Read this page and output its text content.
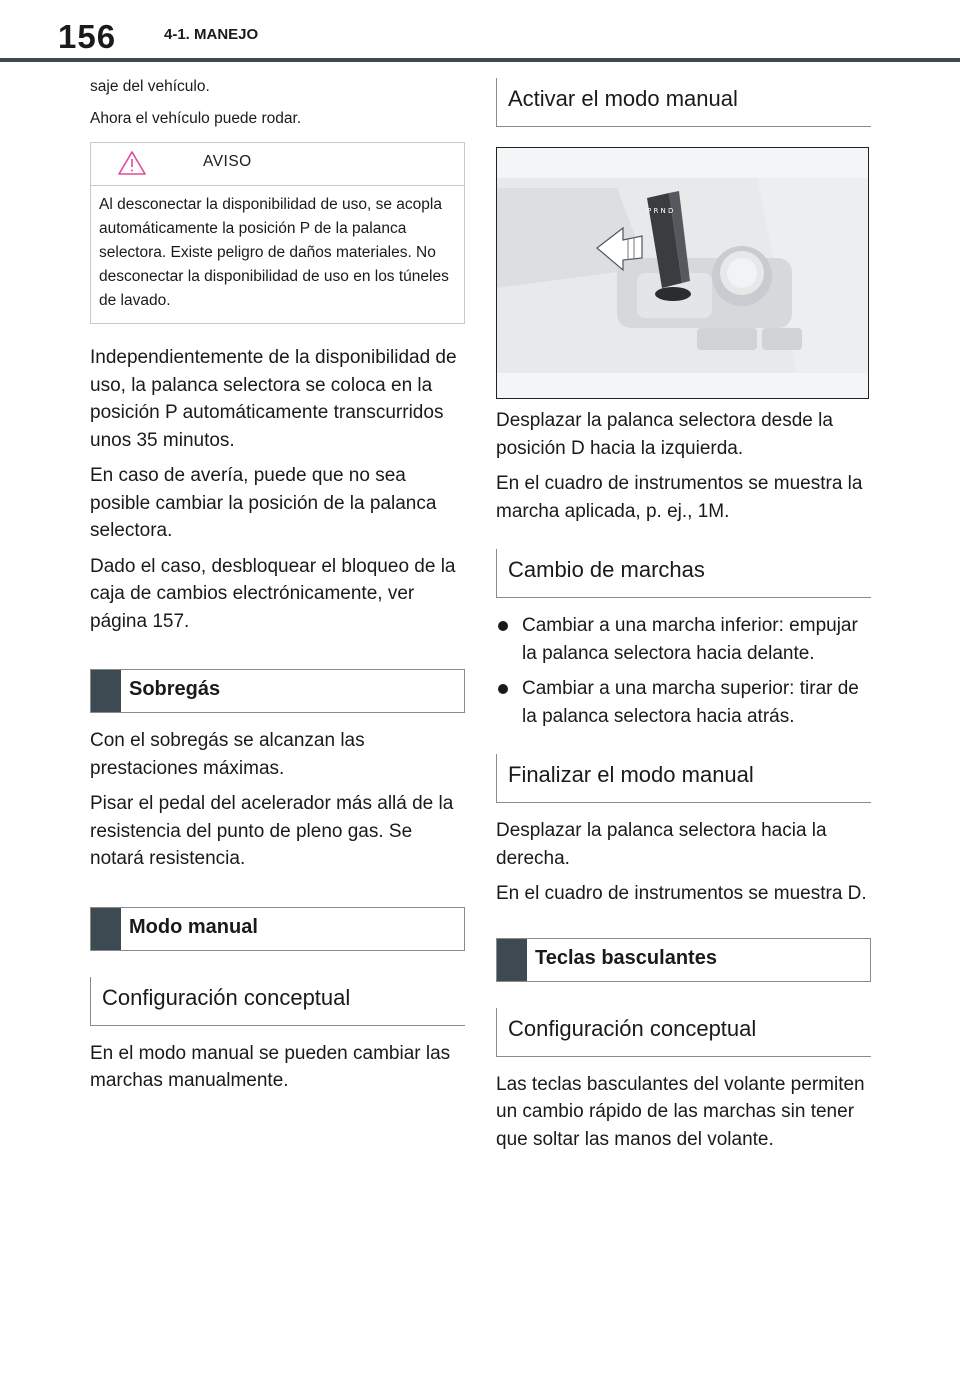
156	4-1. MANEJO

saje del vehículo.

Ahora el vehículo puede rodar.

AVISO
Al desconectar la disponibilidad de uso, se acopla automáticamente la posición P de la palanca selectora. Existe peligro de daños materiales. No desconectar la disponibilidad de uso en los túneles de lavado.

Independientemente de la disponibilidad de uso, la palanca selectora se coloca en la posición P automáticamente transcurridos unos 35 minutos.

En caso de avería, puede que no sea posible cambiar la posición de la palanca selectora.

Dado el caso, desbloquear el bloqueo de la caja de cambios electrónicamente, ver página 157.

Sobregás

Con el sobregás se alcanzan las prestaciones máximas.

Pisar el pedal del acelerador más allá de la resistencia del punto de pleno gas. Se notará resistencia.

Modo manual
Configuración conceptual

En el modo manual se pueden cambiar las marchas manualmente.

Activar el modo manual
P R N D

Desplazar la palanca selectora desde la posición D hacia la izquierda.

En el cuadro de instrumentos se muestra la marcha aplicada, p. ej., 1M.

Cambio de marchas
Cambiar a una marcha inferior: empujar la palanca selectora hacia delante.
Cambiar a una marcha superior: tirar de la palanca selectora hacia atrás.
Finalizar el modo manual

Desplazar la palanca selectora hacia la derecha.

En el cuadro de instrumentos se muestra D.

Teclas basculantes
Configuración conceptual

Las teclas basculantes del volante permiten un cambio rápido de las marchas sin tener que soltar las manos del volante.
